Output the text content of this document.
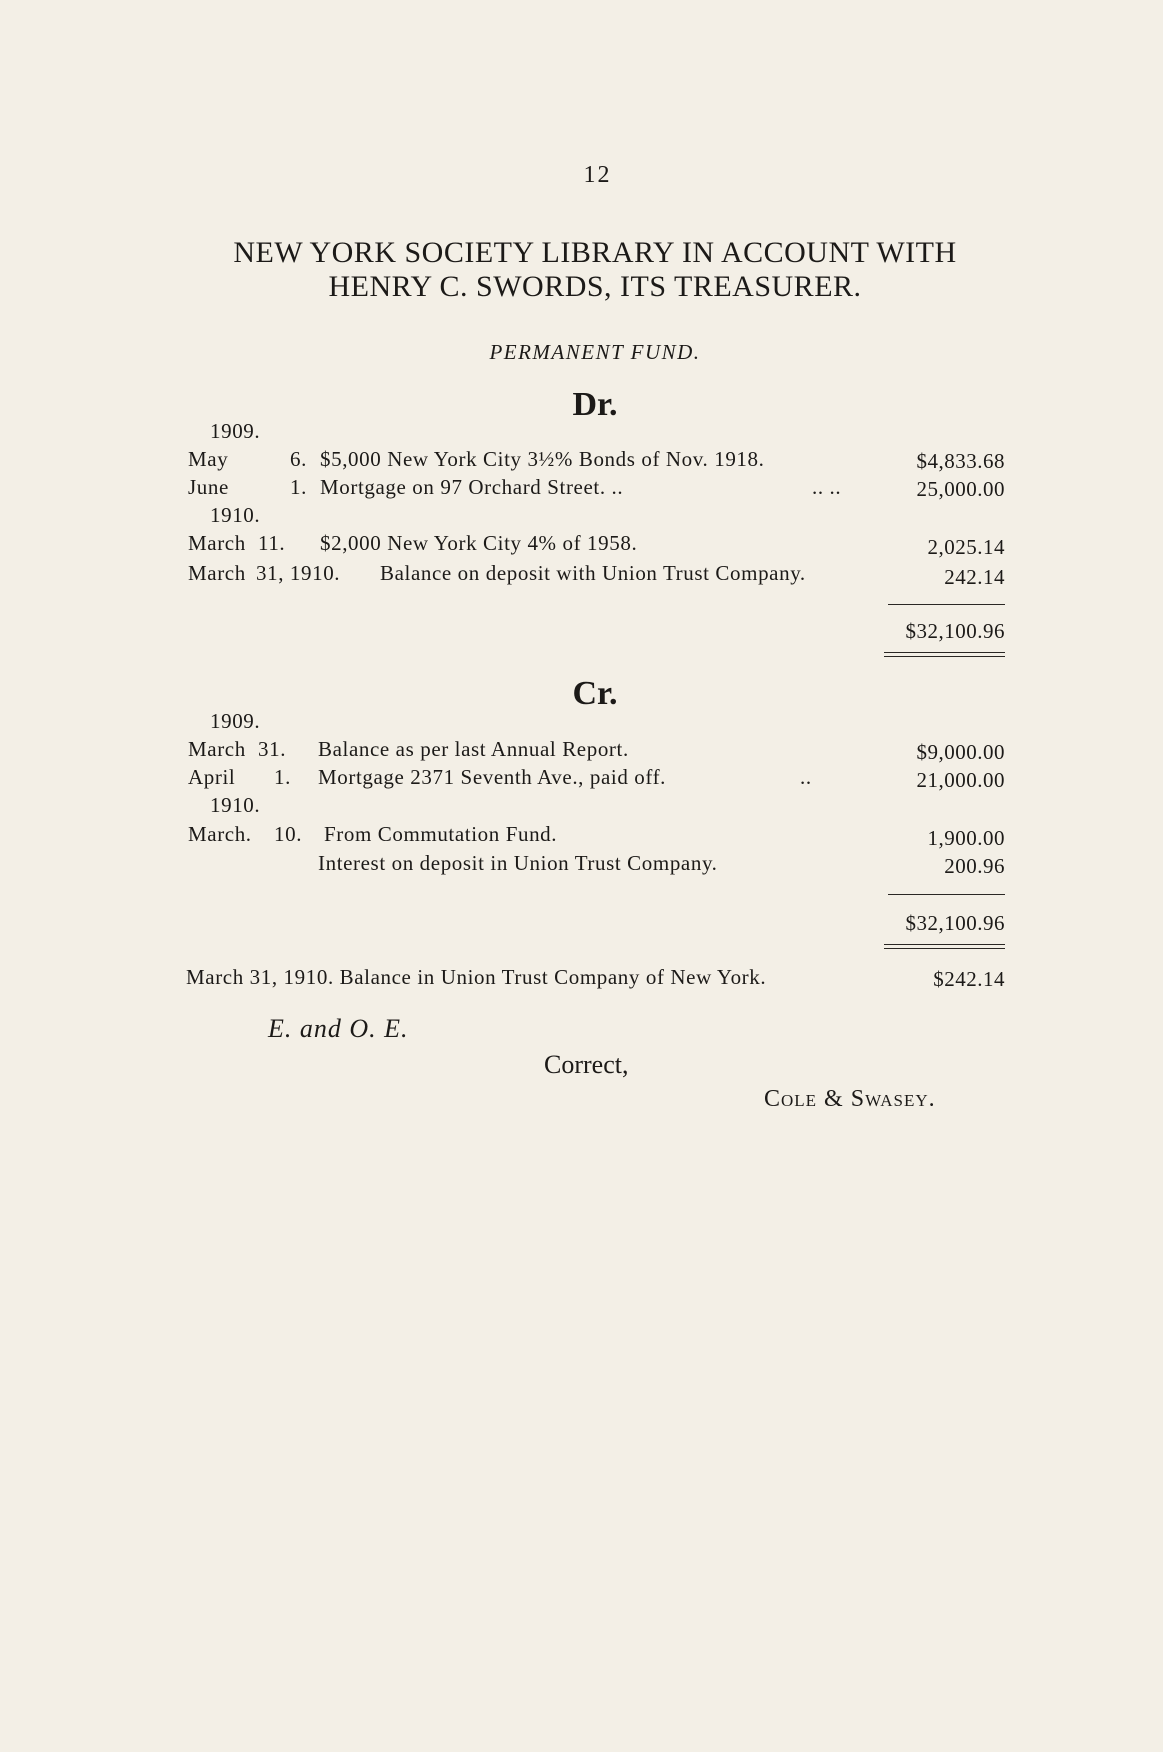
12
NEW YORK SOCIETY LIBRARY IN ACCOUNT WITH
HENRY C. SWORDS, ITS TREASURER.
PERMANENT FUND.
Dr.
1909.
May	6. $5,000 New York City 3½% Bonds of Nov. 1918.	$4,833.68
June	1. Mortgage on 97 Orchard Street. ..	.. ..	25,000.00
1910.
March 11. $2,000 New York City 4% of 1958.	2,025.14
March 31, 1910. Balance on deposit with Union Trust Company.	242.14
$32,100.96
Cr.
1909.
March 31. Balance as per last Annual Report.	$9,000.00
April 1. Mortgage 2371 Seventh Ave., paid off.	..	21,000.00
1910.
March. 10. From Commutation Fund.	1,900.00
Interest on deposit in Union Trust Company.	200.96
$32,100.96
March 31, 1910. Balance in Union Trust Company of New York.	$242.14
E. and O. E.
Correct,
Cole & Swasey.
